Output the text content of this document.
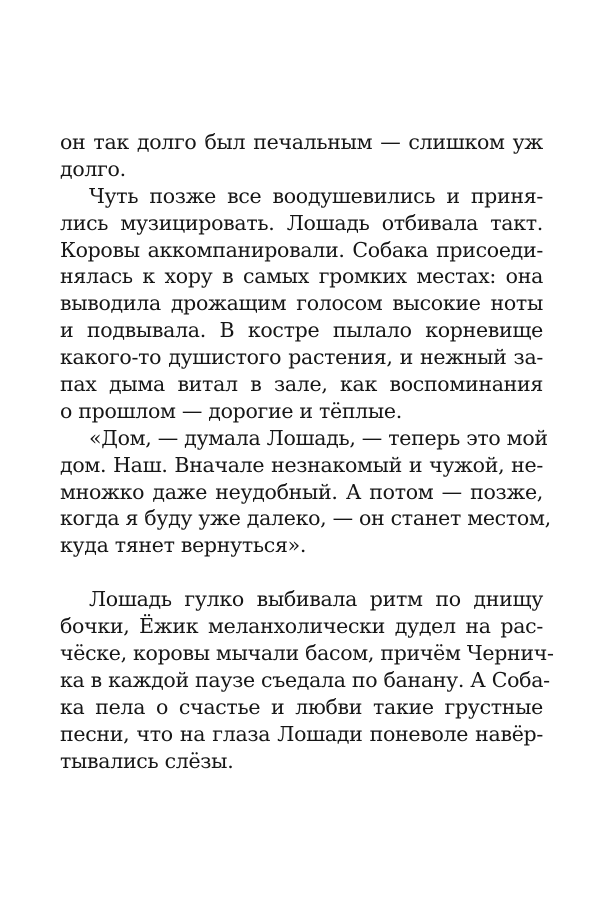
он так долго был печальным — слишком уж
долго.
Чуть позже все воодушевились и приня-
лись музицировать. Лошадь отбивала такт.
Коровы аккомпанировали. Собака присоеди-
нялась к хору в самых громких местах: она
выводила дрожащим голосом высокие ноты
и подвывала. В костре пылало корневище
какого-то душистого растения, и нежный за-
пах дыма витал в зале, как воспоминания
о прошлом — дорогие и тёплые.
«Дом, — думала Лошадь, — теперь это мой
дом. Наш. Вначале незнакомый и чужой, не-
множко даже неудобный. А потом — позже,
когда я буду уже далеко, — он станет местом,
куда тянет вернуться».
Лошадь гулко выбивала ритм по днищу
бочки, Ёжик меланхолически дудел на рас-
чёске, коровы мычали басом, причём Чернич-
ка в каждой паузе съедала по банану. А Соба-
ка пела о счастье и любви такие грустные
песни, что на глаза Лошади поневоле навёр-
тывались слёзы.
